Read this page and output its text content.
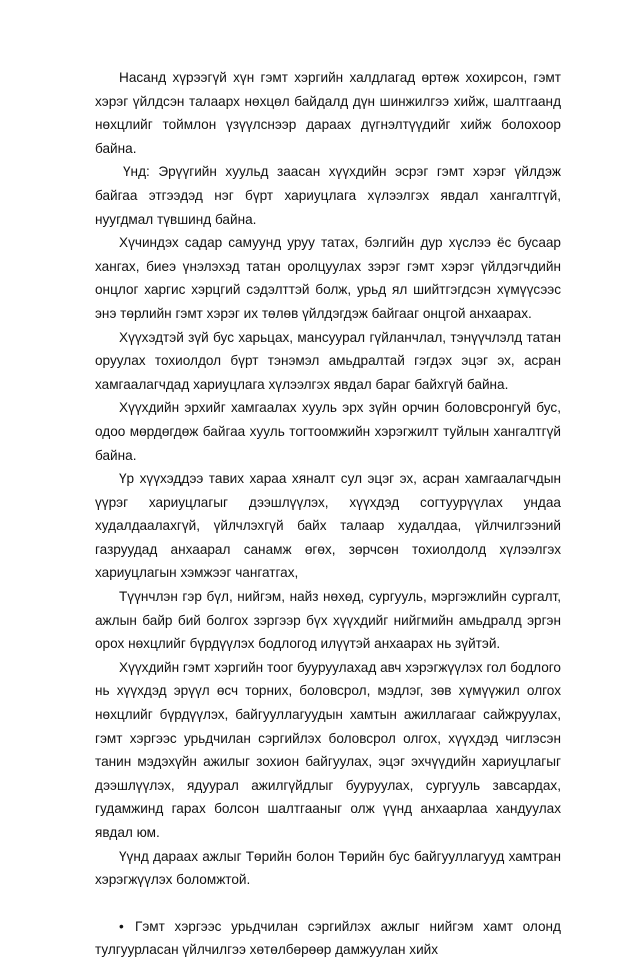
Насанд хүрээгүй хүн гэмт хэргийн халдлагад өртөж хохирсон, гэмт хэрэг үйлдсэн талаарх нөхцөл байдалд дүн шинжилгээ хийж, шалтгаанд нөхцлийг тоймлон үзүүлснээр дараах дүгнэлтүүдийг хийж болохоор байна.

Үнд: Эрүүгийн хуульд заасан хүүхдийн эсрэг гэмт хэрэг үйлдэж байгаа этгээдэд нэг бүрт хариуцлага хүлээлгэх явдал хангалтгүй, нуугдмал түвшинд байна.

Хүчиндэх садар самуунд уруу татах, бэлгийн дур хүслээ ёс бусаар хангах, биеэ үнэлэхэд татан оролцуулах зэрэг гэмт хэрэг үйлдэгчдийн онцлог харгис хэрцгий сэдэлттэй болж, урьд ял шийтгэгдсэн хүмүүсээс энэ төрлийн гэмт хэрэг их төлөв үйлдэгдэж байгааг онцгой анхаарах.

Хүүхэдтэй зүй бус харьцах, мансуурал гүйланчлал, тэнүүчлэлд татан оруулах тохиолдол бүрт тэнэмэл амьдралтай гэгдэх эцэг эх, асран хамгаалагчдад хариуцлага хүлээлгэх явдал бараг байхгүй байна.

Хүүхдийн эрхийг хамгаалах хууль эрх зүйн орчин боловсронгуй бус, одоо мөрдөгдөж байгаа хууль тогтоомжийн хэрэгжилт туйлын хангалтгүй байна.

Үр хүүхэддээ тавих хараа хяналт сул эцэг эх, асран хамгаалагчдын үүрэг хариуцлагыг дээшлүүлэх, хүүхдэд согтуурүүлах ундаа худалдаалахгүй, үйлчлэхгүй байх талаар худалдаа, үйлчилгээний газруудад анхаарал санамж өгөх, зөрчсөн тохиолдолд хүлээлгэх хариуцлагын хэмжээг чангатгах,

Түүнчлэн гэр бүл, нийгэм, найз нөхөд, сургууль, мэргэжлийн сургалт, ажлын байр бий болгох зэргээр бүх хүүхдийг нийгмийн амьдралд эргэн орох нөхцлийг бүрдүүлэх бодлогод илүүтэй анхаарах нь зүйтэй.

Хүүхдийн гэмт хэргийн тоог бууруулахад авч хэрэгжүүлэх гол бодлого нь хүүхдэд эрүүл өсч торних, боловсрол, мэдлэг, зөв хүмүүжил олгох нөхцлийг бүрдүүлэх, байгууллагуудын хамтын ажиллагааг сайжруулах, гэмт хэргээс урьдчилан сэргийлэх боловсрол олгох, хүүхдэд чиглэсэн танин мэдэхүйн ажилыг зохион байгуулах, эцэг эхчүүдийн хариуцлагыг дээшлүүлэх, ядуурал ажилгүйдлыг бууруулах, сургууль завсардах, гудамжинд гарах болсон шалтгааныг олж үүнд анхаарлаа хандуулах явдал юм.

Үүнд дараах ажлыг Төрийн болон Төрийн бус байгууллагууд хамтран хэрэгжүүлэх боломжтой.

• Гэмт хэргээс урьдчилан сэргийлэх ажлыг нийгэм хамт олонд тулгуурласан үйлчилгээ хөтөлбөрөөр дамжуулан хийх
